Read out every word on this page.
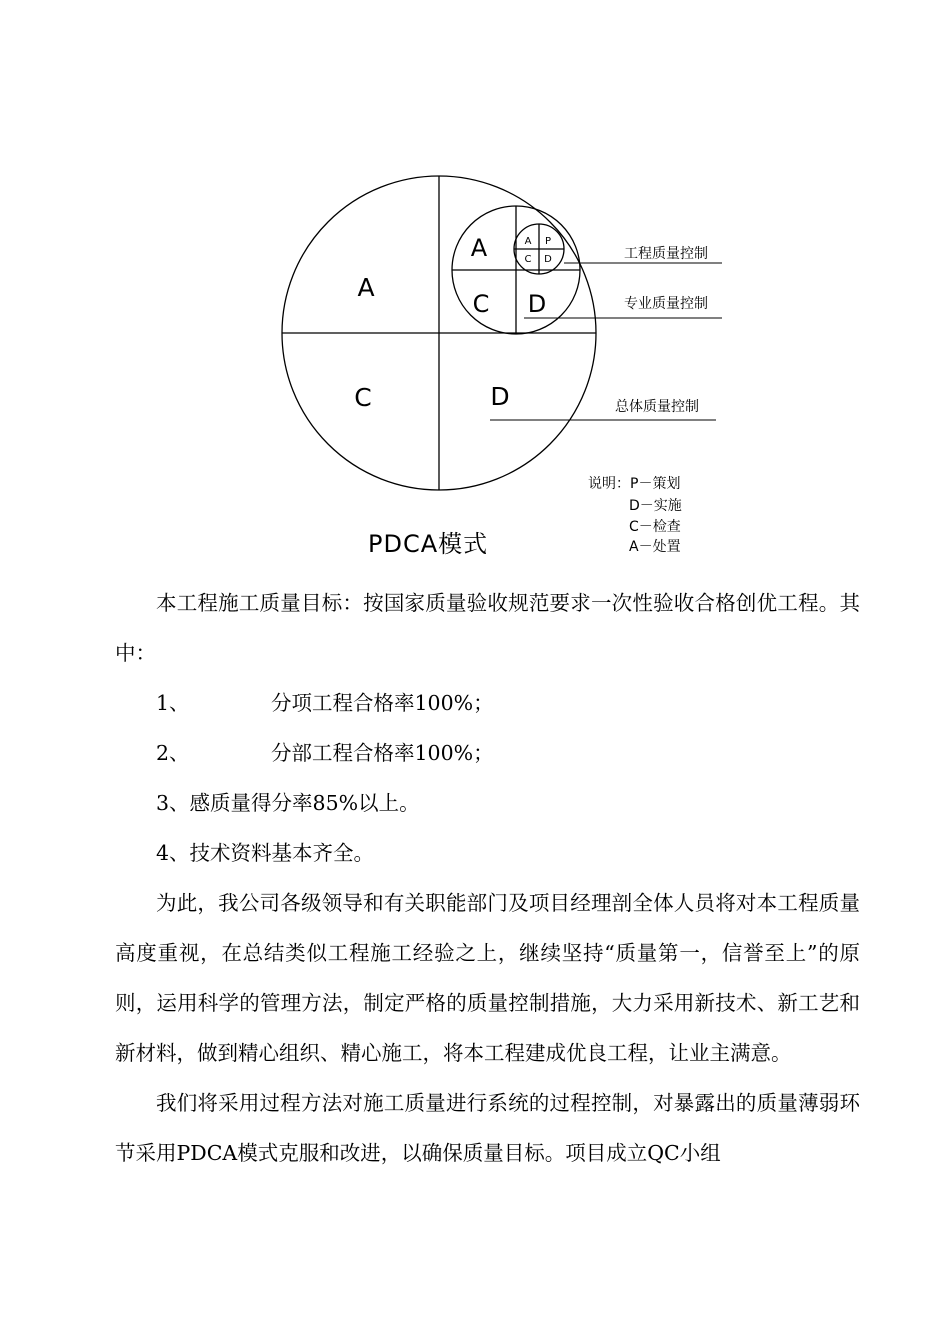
A
C	D
A
C D
A P
C D	工程质量控制
专业质量控制
总体质量控制
说明：P－策划
D－实施
C－检查
A－处置
PDCA模式

本工程施工质量目标：按国家质量验收规范要求一次性验收合格创优工程。其中：

1、	分项工程合格率100%；

2、	分部工程合格率100%；

3、感质量得分率85%以上。

4、技术资料基本齐全。

为此，我公司各级领导和有关职能部门及项目经理剖全体人员将对本工程质量高度重视，在总结类似工程施工经验之上，继续坚持“质量第一，信誉至上”的原则，运用科学的管理方法，制定严格的质量控制措施，大力采用新技术、新工艺和新材料，做到精心组织、精心施工，将本工程建成优良工程，让业主满意。

我们将采用过程方法对施工质量进行系统的过程控制，对暴露出的质量薄弱环节采用PDCA模式克服和改进，以确保质量目标。项目成立QC小组
